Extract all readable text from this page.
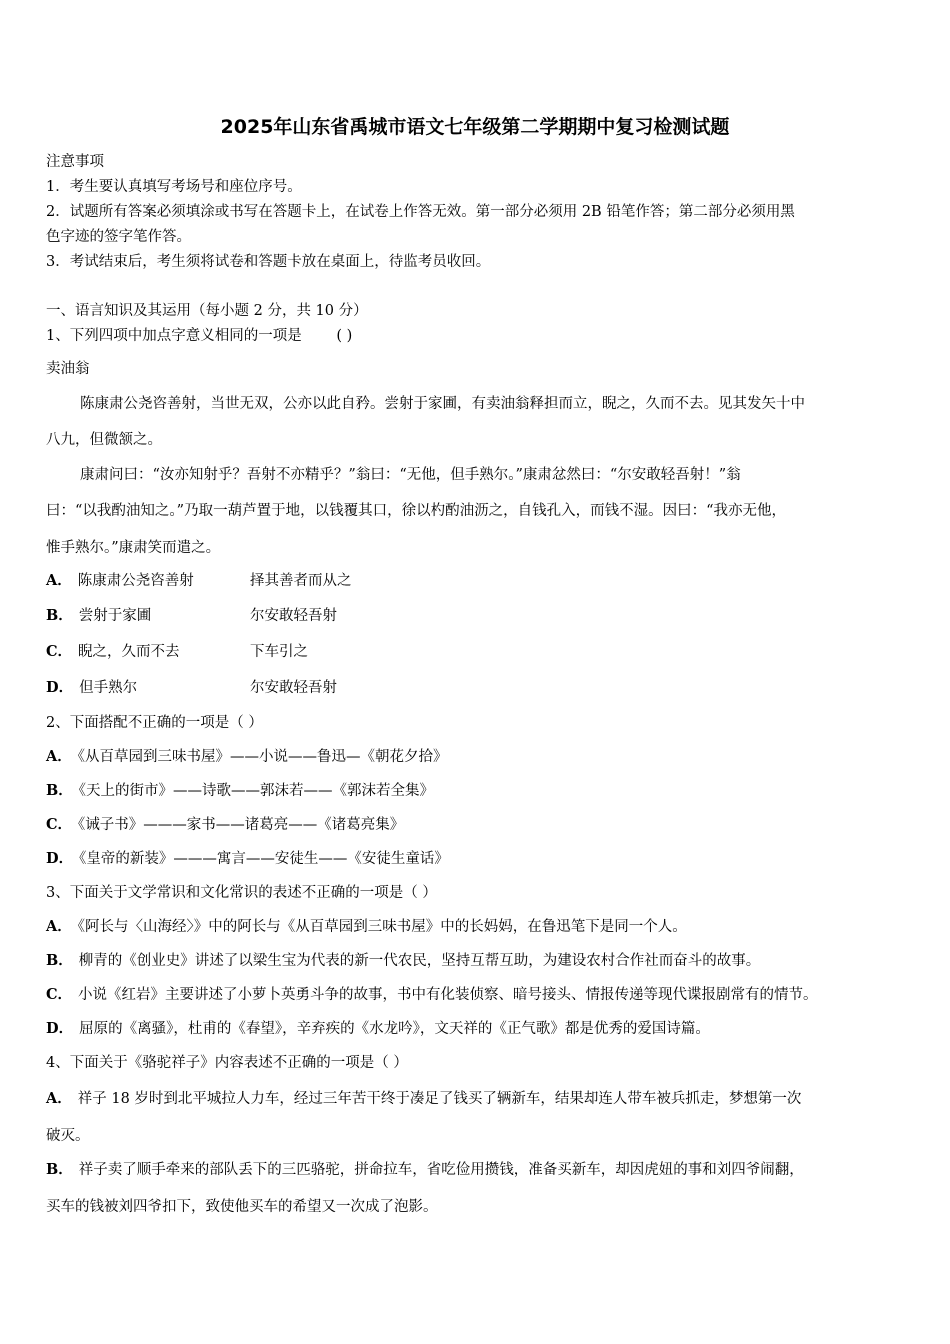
2025年山东省禹城市语文七年级第二学期期中复习检测试题
注意事项
1．考生要认真填写考场号和座位序号。
2．试题所有答案必须填涂或书写在答题卡上，在试卷上作答无效。第一部分必须用 2B 铅笔作答；第二部分必须用黑
色字迹的签字笔作答。
3．考试结束后，考生须将试卷和答题卡放在桌面上，待监考员收回。
一、语言知识及其运用（每小题 2 分，共 10 分）
1、下列四项中加点字意义相同的一项是 ( )
卖油翁
陈康肃公尧咨善射，当世无双，公亦以此自矜。尝射于家圃，有卖油翁释担而立，睨之，久而不去。见其发矢十中
八九，但微颔之。
康肃问曰：“汝亦知射乎？吾射不亦精乎？”翁曰：“无他，但手熟尔。”康肃忿然曰：“尔安敢轻吾射！”翁
曰：“以我酌油知之。”乃取一葫芦置于地，以钱覆其口，徐以杓酌油沥之，自钱孔入，而钱不湿。因曰：“我亦无他，
惟手熟尔。”康肃笑而遣之。
A． 陈康肃公尧咨善射	择其善者而从之
B． 尝射于家圃	尔安敢轻吾射
C． 睨之，久而不去	下车引之
D． 但手熟尔	尔安敢轻吾射
2、下面搭配不正确的一项是（ ）
A． 《从百草园到三味书屋》——小说——鲁迅—《朝花夕拾》
B． 《天上的街市》——诗歌——郭沫若——《郭沫若全集》
C． 《诫子书》———家书——诸葛亮——《诸葛亮集》
D． 《皇帝的新装》———寓言——安徒生——《安徒生童话》
3、下面关于文学常识和文化常识的表述不正确的一项是（ ）
A． 《阿长与〈山海经〉》中的阿长与《从百草园到三味书屋》中的长妈妈，在鲁迅笔下是同一个人。
B． 柳青的《创业史》讲述了以梁生宝为代表的新一代农民，坚持互帮互助，为建设农村合作社而奋斗的故事。
C． 小说《红岩》主要讲述了小萝卜英勇斗争的故事，书中有化装侦察、暗号接头、情报传递等现代谍报剧常有的情节。
D． 屈原的《离骚》，杜甫的《春望》，辛弃疾的《水龙吟》，文天祥的《正气歌》都是优秀的爱国诗篇。
4、下面关于《骆驼祥子》内容表述不正确的一项是（ ）
A． 祥子 18 岁时到北平城拉人力车，经过三年苦干终于凑足了钱买了辆新车，结果却连人带车被兵抓走，梦想第一次
破灭。
B． 祥子卖了顺手牵来的部队丢下的三匹骆驼，拼命拉车，省吃俭用攒钱，准备买新车，却因虎妞的事和刘四爷闹翻，
买车的钱被刘四爷扣下，致使他买车的希望又一次成了泡影。
